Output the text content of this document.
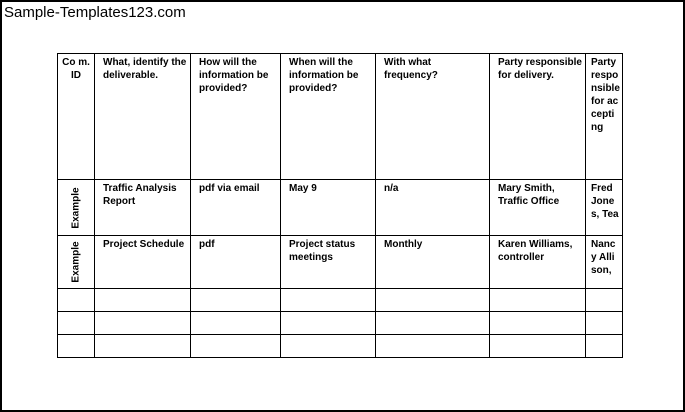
Sample-Templates123.com
Co m. ID	What, identify the deliverable.	How will the information be provided?	When will the information be provided?	With what frequency?	Party responsible for delivery.	Party responsible for accepting

Example	Traffic Analysis Report	pdf via email	May 9	n/a	Mary Smith, Traffic Office	Fred Jones, Tea

Example	Project Schedule	pdf	Project status meetings	Monthly	Karen Williams, controller	Nancy Allison,
